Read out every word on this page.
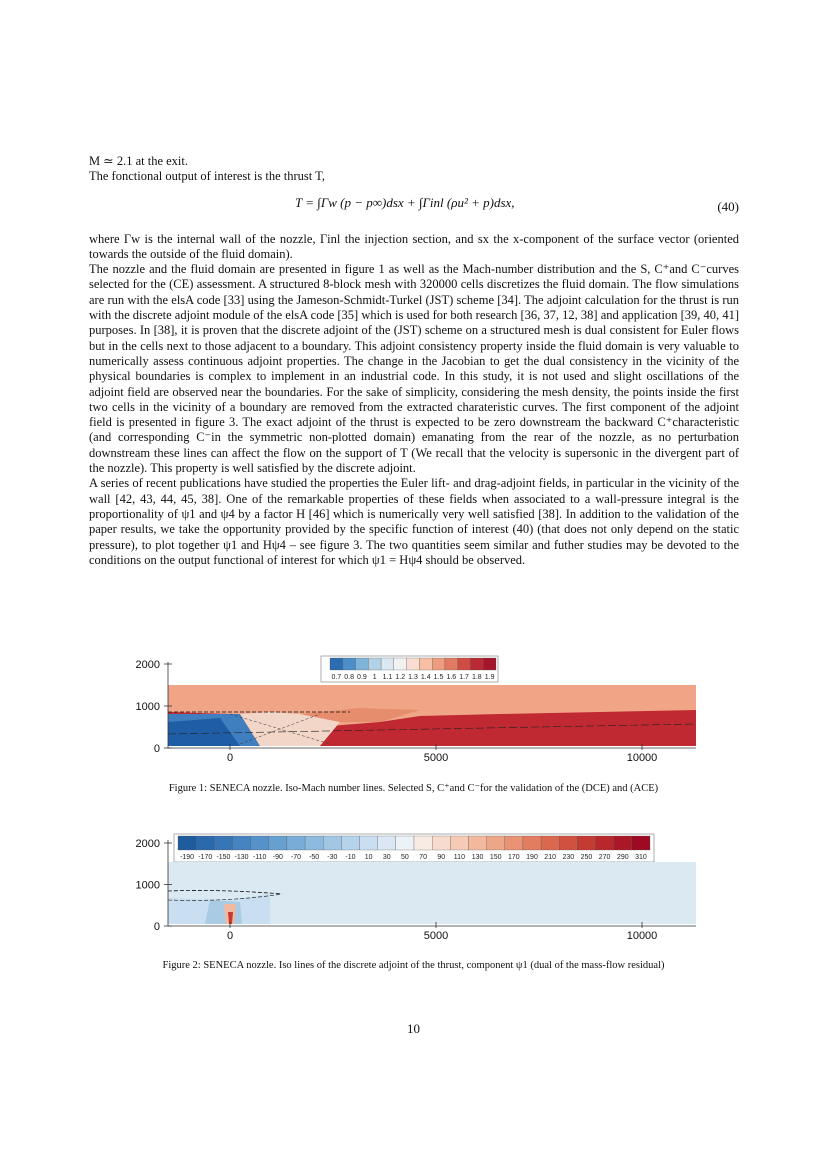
M ≃ 2.1 at the exit.

The fonctional output of interest is the thrust T,

T = ∫Γw (p − p∞)dsx + ∫Γinl (ρu² + p)dsx,	(40)

where Γw is the internal wall of the nozzle, Γinl the injection section, and sx the x-component of the surface vector (oriented towards the outside of the fluid domain).

The nozzle and the fluid domain are presented in figure 1 as well as the Mach-number distribution and the S, C⁺and C⁻curves selected for the (CE) assessment. A structured 8-block mesh with 320000 cells discretizes the fluid domain. The flow simulations are run with the elsA code [33] using the Jameson-Schmidt-Turkel (JST) scheme [34]. The adjoint calculation for the thrust is run with the discrete adjoint module of the elsA code [35] which is used for both research [36, 37, 12, 38] and application [39, 40, 41] purposes. In [38], it is proven that the discrete adjoint of the (JST) scheme on a structured mesh is dual consistent for Euler flows but in the cells next to those adjacent to a boundary. This adjoint consistency property inside the fluid domain is very valuable to numerically assess continuous adjoint properties. The change in the Jacobian to get the dual consistency in the vicinity of the physical boundaries is complex to implement in an industrial code. In this study, it is not used and slight oscillations of the adjoint field are observed near the boundaries. For the sake of simplicity, considering the mesh density, the points inside the first two cells in the vicinity of a boundary are removed from the extracted charateristic curves. The first component of the adjoint field is presented in figure 3. The exact adjoint of the thrust is expected to be zero downstream the backward C⁺characteristic (and corresponding C⁻in the symmetric non-plotted domain) emanating from the rear of the nozzle, as no perturbation downstream these lines can affect the flow on the support of T (We recall that the velocity is supersonic in the divergent part of the nozzle). This property is well satisfied by the discrete adjoint.

A series of recent publications have studied the properties the Euler lift- and drag-adjoint fields, in particular in the vicinity of the wall [42, 43, 44, 45, 38]. One of the remarkable properties of these fields when associated to a wall-pressure integral is the proportionality of ψ1 and ψ4 by a factor H [46] which is numerically very well satisfied [38]. In addition to the validation of the paper results, we take the opportunity provided by the specific function of interest (40) (that does not only depend on the static pressure), to plot together ψ1 and Hψ4 – see figure 3. The two quantities seem similar and futher studies may be devoted to the conditions on the output functional of interest for which ψ1 = Hψ4 should be observed.

0.7 0.8 0.9 1 1.1 1.2 1.3 1.4 1.5 1.6 1.7 1.8 1.9
2000
1000
0
0	5000	10000
Figure 1: SENECA nozzle. Iso-Mach number lines. Selected S, C⁺and C⁻for the validation of the (DCE) and (ACE)
-190 -170 -150 -130 -110 -90 -70 -50 -30 -10 10 30 50 70 90 110 130 150 170 190 210 230 250 270 290 310
2000
1000
0
0	5000	10000
Figure 2: SENECA nozzle. Iso lines of the discrete adjoint of the thrust, component ψ1 (dual of the mass-flow residual)
10
